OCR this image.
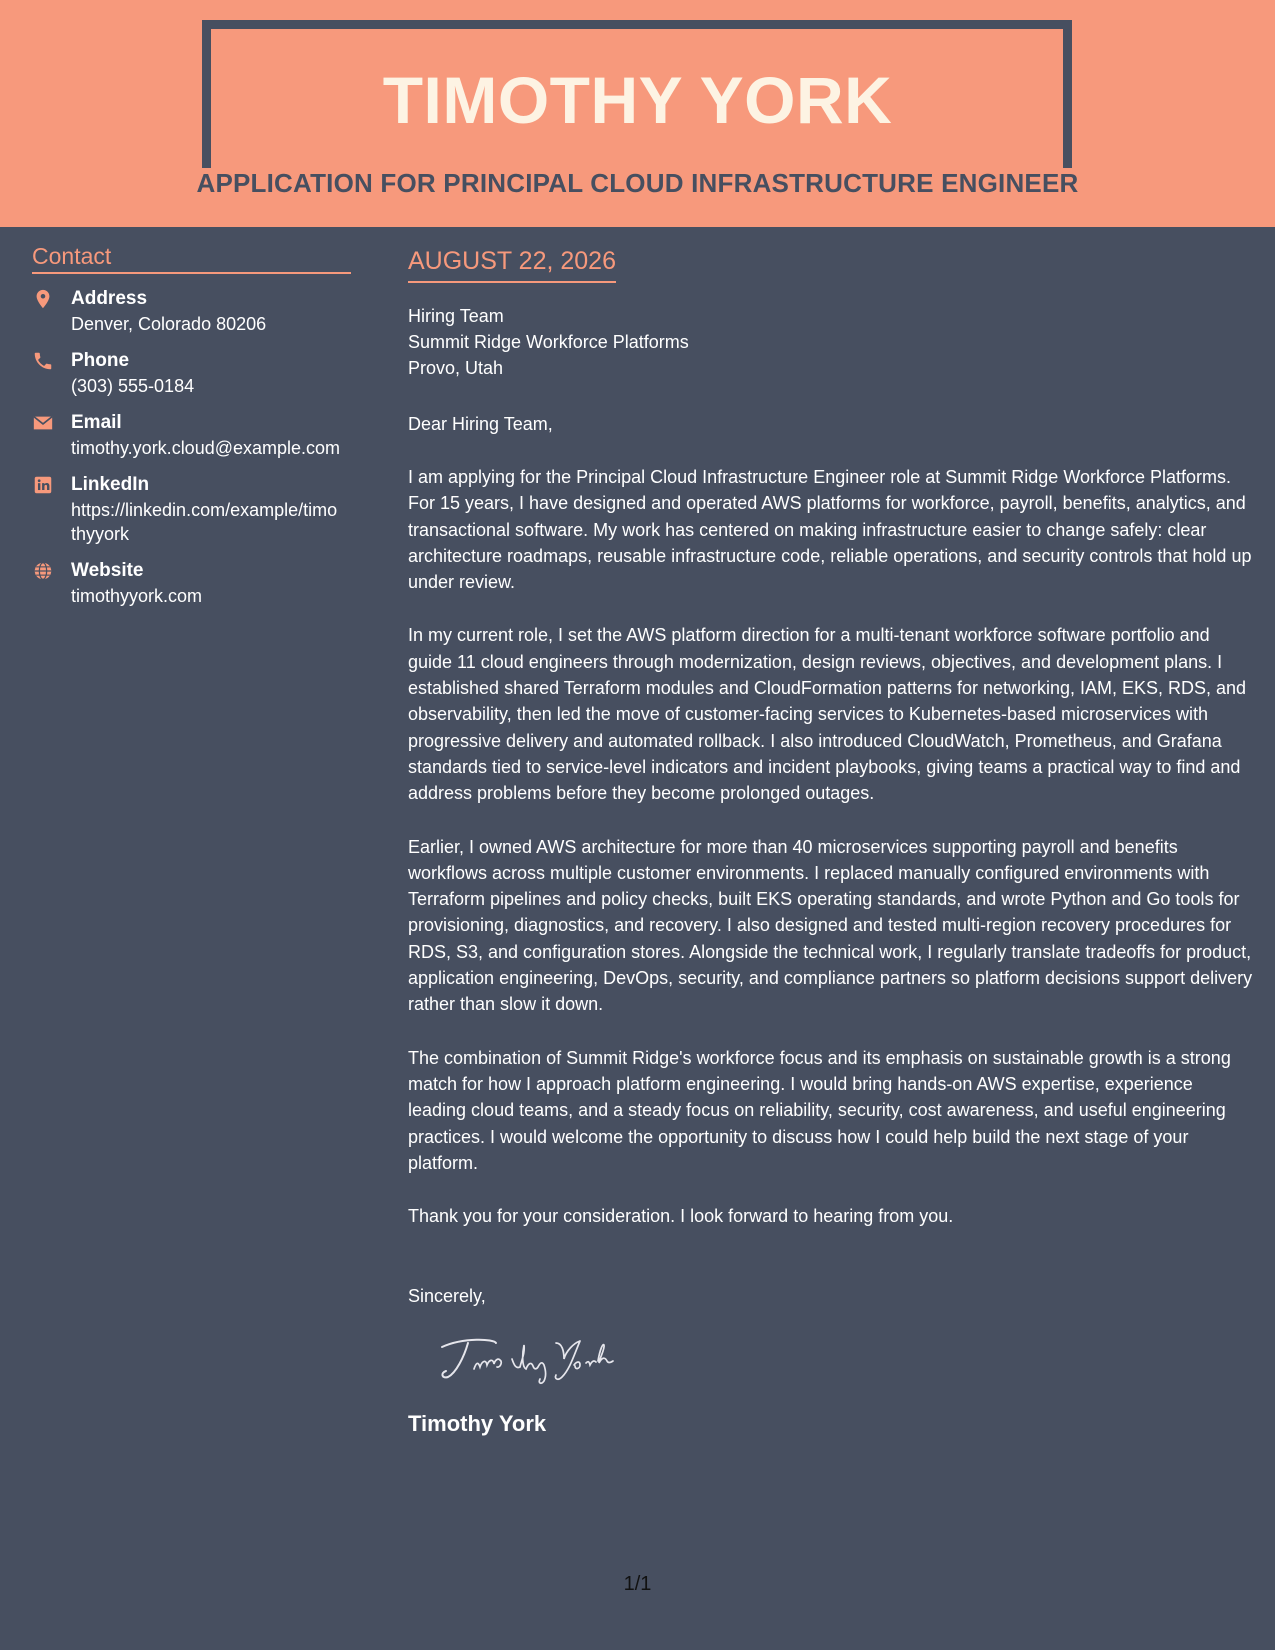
TIMOTHY YORK
APPLICATION FOR PRINCIPAL CLOUD INFRASTRUCTURE ENGINEER
Contact
Address
Denver, Colorado 80206
Phone
(303) 555-0184
Email
timothy.york.cloud@example.com
LinkedIn
https://linkedin.com/example/timothyyork
Website
timothyyork.com
AUGUST 22, 2026
Hiring Team
Summit Ridge Workforce Platforms
Provo, Utah
Dear Hiring Team,
I am applying for the Principal Cloud Infrastructure Engineer role at Summit Ridge Workforce Platforms. For 15 years, I have designed and operated AWS platforms for workforce, payroll, benefits, analytics, and transactional software. My work has centered on making infrastructure easier to change safely: clear architecture roadmaps, reusable infrastructure code, reliable operations, and security controls that hold up under review.
In my current role, I set the AWS platform direction for a multi-tenant workforce software portfolio and guide 11 cloud engineers through modernization, design reviews, objectives, and development plans. I established shared Terraform modules and CloudFormation patterns for networking, IAM, EKS, RDS, and observability, then led the move of customer-facing services to Kubernetes-based microservices with progressive delivery and automated rollback. I also introduced CloudWatch, Prometheus, and Grafana standards tied to service-level indicators and incident playbooks, giving teams a practical way to find and address problems before they become prolonged outages.
Earlier, I owned AWS architecture for more than 40 microservices supporting payroll and benefits workflows across multiple customer environments. I replaced manually configured environments with Terraform pipelines and policy checks, built EKS operating standards, and wrote Python and Go tools for provisioning, diagnostics, and recovery. I also designed and tested multi-region recovery procedures for RDS, S3, and configuration stores. Alongside the technical work, I regularly translate tradeoffs for product, application engineering, DevOps, security, and compliance partners so platform decisions support delivery rather than slow it down.
The combination of Summit Ridge's workforce focus and its emphasis on sustainable growth is a strong match for how I approach platform engineering. I would bring hands-on AWS expertise, experience leading cloud teams, and a steady focus on reliability, security, cost awareness, and useful engineering practices. I would welcome the opportunity to discuss how I could help build the next stage of your platform.
Thank you for your consideration. I look forward to hearing from you.
Sincerely,
Timothy York
1/1
